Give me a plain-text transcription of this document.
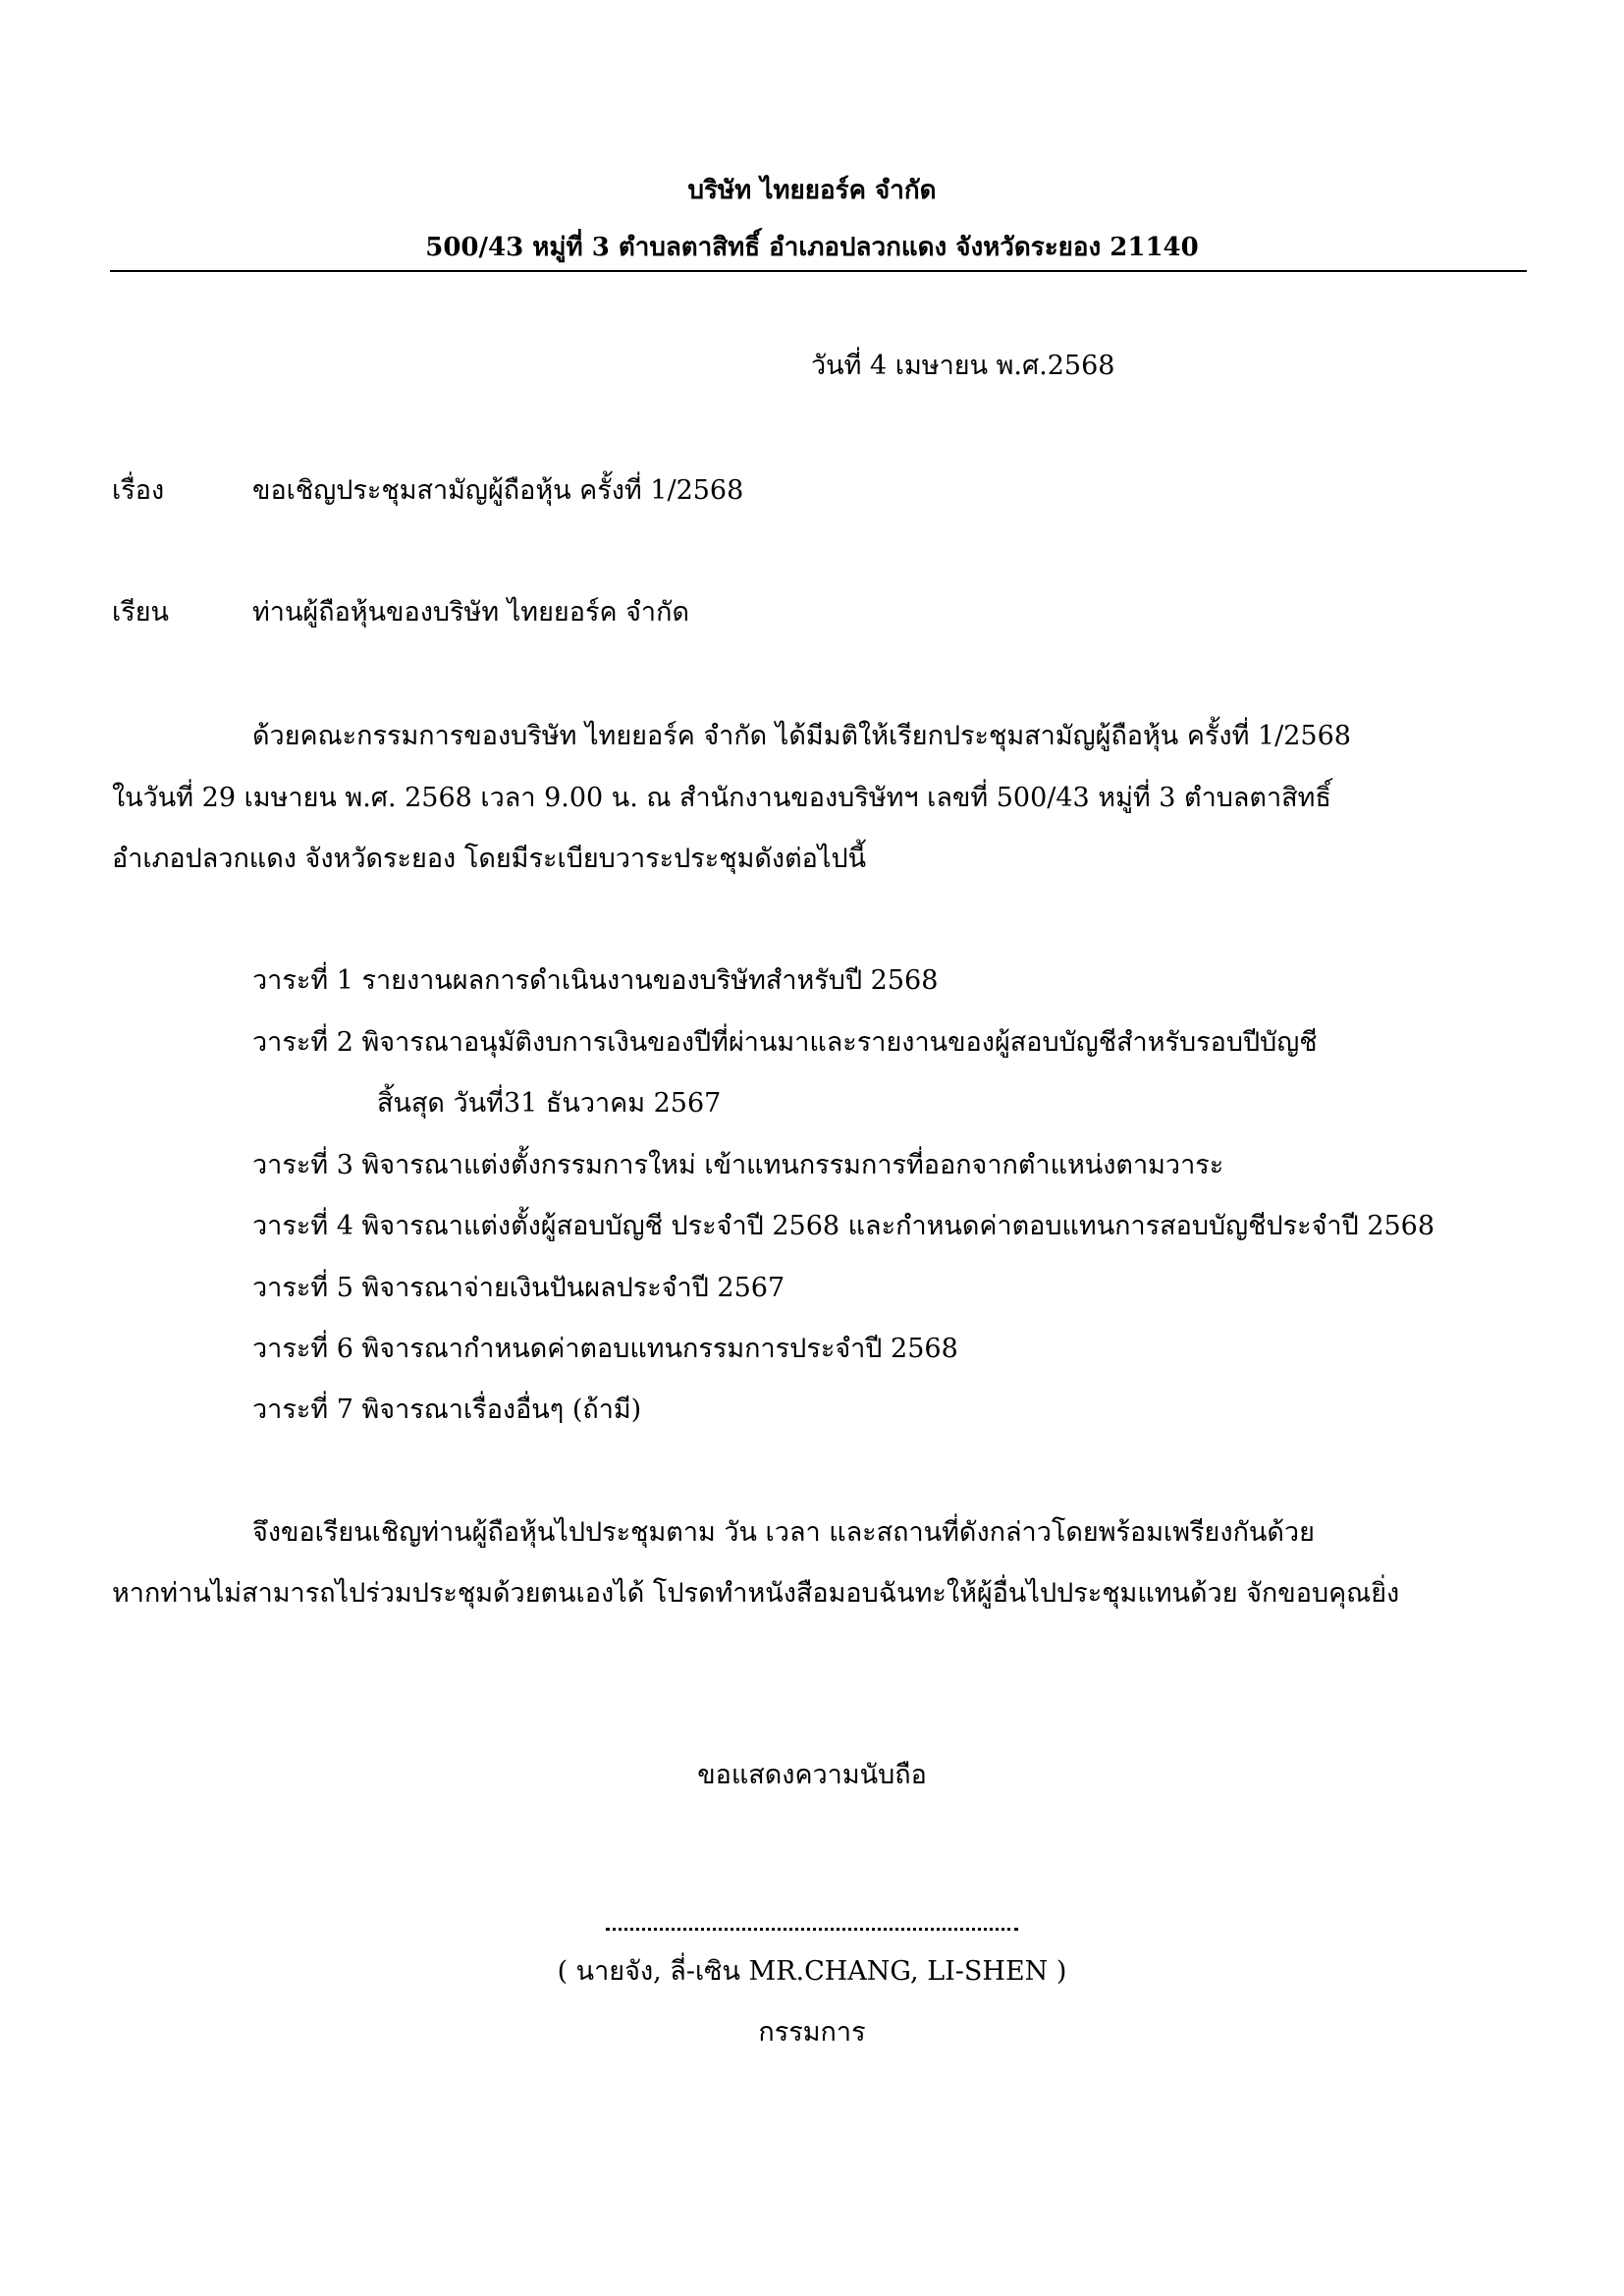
บริษัท ไทยยอร์ค จำกัด
500/43 หมู่ที่ 3 ตำบลตาสิทธิ์ อำเภอปลวกแดง จังหวัดระยอง 21140
วันที่ 4 เมษายน พ.ศ.2568
เรื่อง	ขอเชิญประชุมสามัญผู้ถือหุ้น ครั้งที่ 1/2568
เรียน	ท่านผู้ถือหุ้นของบริษัท ไทยยอร์ค จำกัด
ด้วยคณะกรรมการของบริษัท ไทยยอร์ค จำกัด ได้มีมติให้เรียกประชุมสามัญผู้ถือหุ้น ครั้งที่ 1/2568
ในวันที่ 29 เมษายน พ.ศ. 2568 เวลา 9.00 น. ณ สำนักงานของบริษัทฯ เลขที่ 500/43 หมู่ที่ 3 ตำบลตาสิทธิ์
อำเภอปลวกแดง จังหวัดระยอง โดยมีระเบียบวาระประชุมดังต่อไปนี้
วาระที่ 1 รายงานผลการดำเนินงานของบริษัทสำหรับปี 2568
วาระที่ 2 พิจารณาอนุมัติงบการเงินของปีที่ผ่านมาและรายงานของผู้สอบบัญชีสำหรับรอบปีบัญชี
สิ้นสุด วันที่31 ธันวาคม 2567
วาระที่ 3 พิจารณาแต่งตั้งกรรมการใหม่ เข้าแทนกรรมการที่ออกจากตำแหน่งตามวาระ
วาระที่ 4 พิจารณาแต่งตั้งผู้สอบบัญชี ประจำปี 2568 และกำหนดค่าตอบแทนการสอบบัญชีประจำปี 2568
วาระที่ 5 พิจารณาจ่ายเงินปันผลประจำปี 2567
วาระที่ 6 พิจารณากำหนดค่าตอบแทนกรรมการประจำปี 2568
วาระที่ 7 พิจารณาเรื่องอื่นๆ (ถ้ามี)
จึงขอเรียนเชิญท่านผู้ถือหุ้นไปประชุมตาม วัน เวลา และสถานที่ดังกล่าวโดยพร้อมเพรียงกันด้วย
หากท่านไม่สามารถไปร่วมประชุมด้วยตนเองได้ โปรดทำหนังสือมอบฉันทะให้ผู้อื่นไปประชุมแทนด้วย จักขอบคุณยิ่ง
ขอแสดงความนับถือ
( นายจัง, ลี่-เซิน MR.CHANG, LI-SHEN )
กรรมการ
